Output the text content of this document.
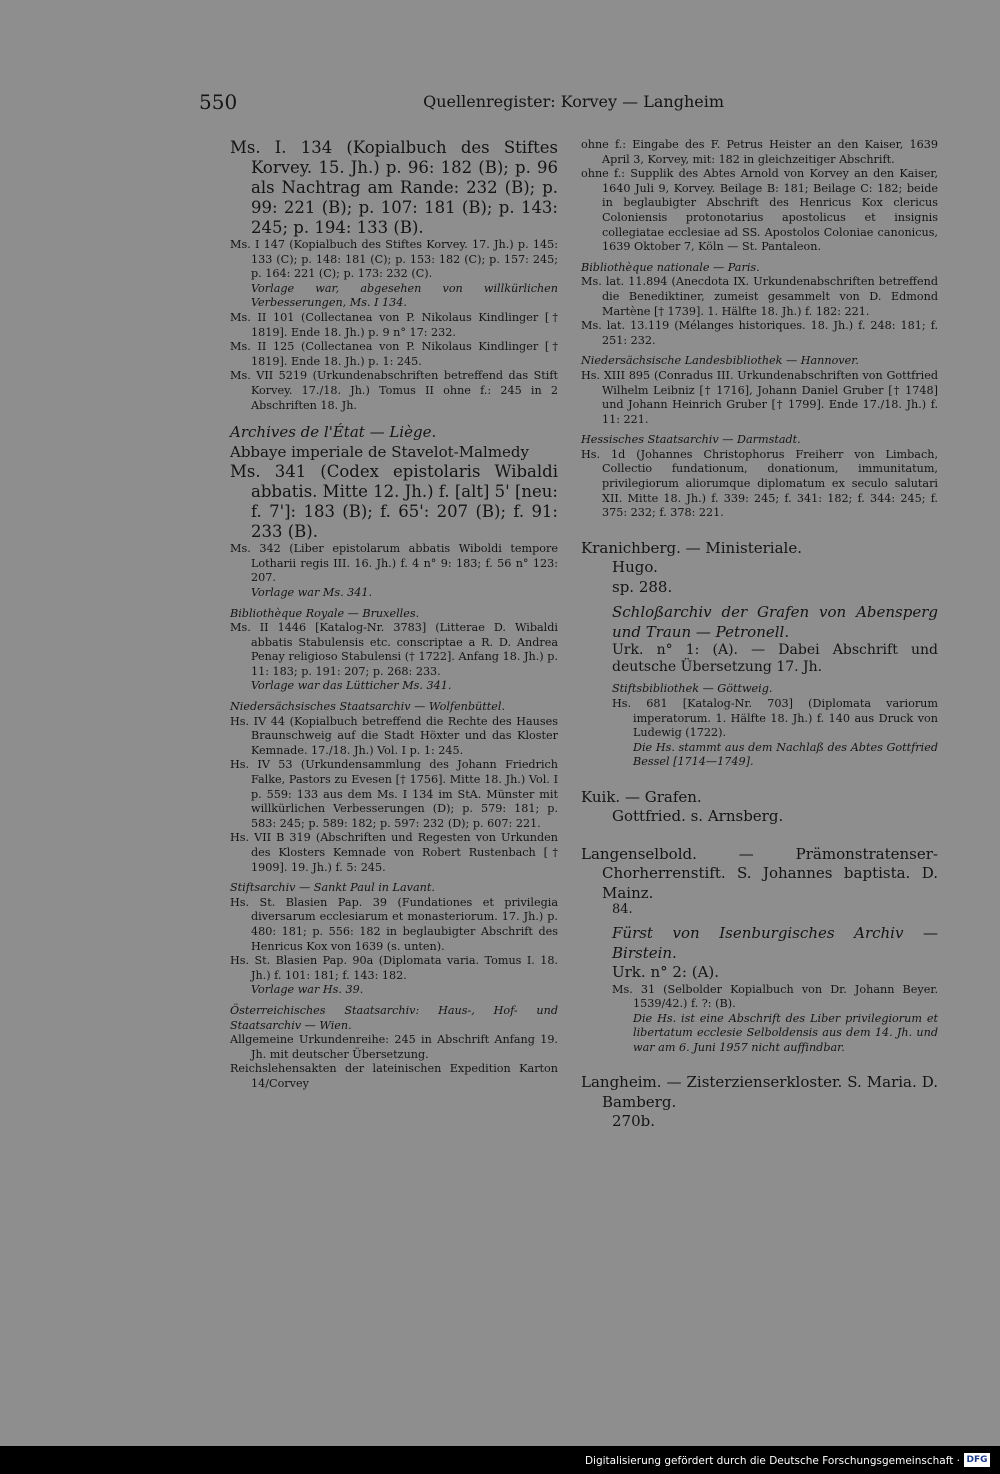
550	Quellenregister: Korvey — Langheim

Ms. I. 134 (Kopialbuch des Stiftes Korvey. 15. Jh.) p. 96: 182 (B); p. 96 als Nachtrag am Rande: 232 (B); p. 99: 221 (B); p. 107: 181 (B); p. 143: 245; p. 194: 133 (B).

Ms. I 147 (Kopialbuch des Stiftes Korvey. 17. Jh.) p. 145: 133 (C); p. 148: 181 (C); p. 153: 182 (C); p. 157: 245; p. 164: 221 (C); p. 173: 232 (C).

Vorlage war, abgesehen von willkürlichen Verbesserungen, Ms. I 134.

Ms. II 101 (Collectanea von P. Nikolaus Kindlinger [† 1819]. Ende 18. Jh.) p. 9 n° 17: 232.

Ms. II 125 (Collectanea von P. Nikolaus Kindlinger [† 1819]. Ende 18. Jh.) p. 1: 245.

Ms. VII 5219 (Urkundenabschriften betreffend das Stift Korvey. 17./18. Jh.) Tomus II ohne f.: 245 in 2 Abschriften 18. Jh.

Archives de l'État — Liège.

Abbaye imperiale de Stavelot-Malmedy

Ms. 341 (Codex epistolaris Wibaldi abbatis. Mitte 12. Jh.) f. [alt] 5' [neu: f. 7']: 183 (B); f. 65': 207 (B); f. 91: 233 (B).

Ms. 342 (Liber epistolarum abbatis Wiboldi tempore Lotharii regis III. 16. Jh.) f. 4 n° 9: 183; f. 56 n° 123: 207.

Vorlage war Ms. 341.

Bibliothèque Royale — Bruxelles.

Ms. II 1446 [Katalog-Nr. 3783] (Litterae D. Wibaldi abbatis Stabulensis etc. conscriptae a R. D. Andrea Penay religioso Stabulensi († 1722]. Anfang 18. Jh.) p. 11: 183; p. 191: 207; p. 268: 233.

Vorlage war das Lütticher Ms. 341.

Niedersächsisches Staatsarchiv — Wolfenbüttel.

Hs. IV 44 (Kopialbuch betreffend die Rechte des Hauses Braunschweig auf die Stadt Höxter und das Kloster Kemnade. 17./18. Jh.) Vol. I p. 1: 245.

Hs. IV 53 (Urkundensammlung des Johann Friedrich Falke, Pastors zu Evesen [† 1756]. Mitte 18. Jh.) Vol. I p. 559: 133 aus dem Ms. I 134 im StA. Münster mit willkürlichen Verbesserungen (D); p. 579: 181; p. 583: 245; p. 589: 182; p. 597: 232 (D); p. 607: 221.

Hs. VII B 319 (Abschriften und Regesten von Urkunden des Klosters Kemnade von Robert Rustenbach [† 1909]. 19. Jh.) f. 5: 245.

Stiftsarchiv — Sankt Paul in Lavant.

Hs. St. Blasien Pap. 39 (Fundationes et privilegia diversarum ecclesiarum et monasteriorum. 17. Jh.) p. 480: 181; p. 556: 182 in beglaubigter Abschrift des Henricus Kox von 1639 (s. unten).

Hs. St. Blasien Pap. 90a (Diplomata varia. Tomus I. 18. Jh.) f. 101: 181; f. 143: 182.

Vorlage war Hs. 39.

Österreichisches Staatsarchiv: Haus-, Hof- und Staatsarchiv — Wien.

Allgemeine Urkundenreihe: 245 in Abschrift Anfang 19. Jh. mit deutscher Übersetzung.

Reichslehensakten der lateinischen Expedition Karton 14/Corvey

ohne f.: Eingabe des F. Petrus Heister an den Kaiser, 1639 April 3, Korvey, mit: 182 in gleichzeitiger Abschrift.

ohne f.: Supplik des Abtes Arnold von Korvey an den Kaiser, 1640 Juli 9, Korvey. Beilage B: 181; Beilage C: 182; beide in beglaubigter Abschrift des Henricus Kox clericus Coloniensis protonotarius apostolicus et insignis collegiatae ecclesiae ad SS. Apostolos Coloniae canonicus, 1639 Oktober 7, Köln — St. Pantaleon.

Bibliothèque nationale — Paris.

Ms. lat. 11.894 (Anecdota IX. Urkundenabschriften betreffend die Benediktiner, zumeist gesammelt von D. Edmond Martène [† 1739]. 1. Hälfte 18. Jh.) f. 182: 221.

Ms. lat. 13.119 (Mélanges historiques. 18. Jh.) f. 248: 181; f. 251: 232.

Niedersächsische Landesbibliothek — Hannover.

Hs. XIII 895 (Conradus III. Urkundenabschriften von Gottfried Wilhelm Leibniz [† 1716], Johann Daniel Gruber [† 1748] und Johann Heinrich Gruber [† 1799]. Ende 17./18. Jh.) f. 11: 221.

Hessisches Staatsarchiv — Darmstadt.

Hs. 1d (Johannes Christophorus Freiherr von Limbach, Collectio fundationum, donationum, immunitatum, privilegiorum aliorumque diplomatum ex seculo salutari XII. Mitte 18. Jh.) f. 339: 245; f. 341: 182; f. 344: 245; f. 375: 232; f. 378: 221.

Kranichberg. — Ministeriale.

Hugo.

sp. 288.

Schloßarchiv der Grafen von Abensperg und Traun — Petronell.

Urk. n° 1: (A). — Dabei Abschrift und deutsche Übersetzung 17. Jh.

Stiftsbibliothek — Göttweig.

Hs. 681 [Katalog-Nr. 703] (Diplomata variorum imperatorum. 1. Hälfte 18. Jh.) f. 140 aus Druck von Ludewig (1722).

Die Hs. stammt aus dem Nachlaß des Abtes Gottfried Bessel [1714—1749].

Kuik. — Grafen.

Gottfried. s. Arnsberg.

Langenselbold. — Prämonstratenser-Chorherrenstift. S. Johannes baptista. D. Mainz.

84.

Fürst von Isenburgisches Archiv — Birstein.

Urk. n° 2: (A).

Ms. 31 (Selbolder Kopialbuch von Dr. Johann Beyer. 1539/42.) f. ?: (B).

Die Hs. ist eine Abschrift des Liber privilegiorum et libertatum ecclesie Selboldensis aus dem 14. Jh. und war am 6. Juni 1957 nicht auffindbar.

Langheim. — Zisterzienserkloster. S. Maria. D. Bamberg.

270b.

Digitalisierung gefördert durch die Deutsche Forschungsgemeinschaft · DFG
